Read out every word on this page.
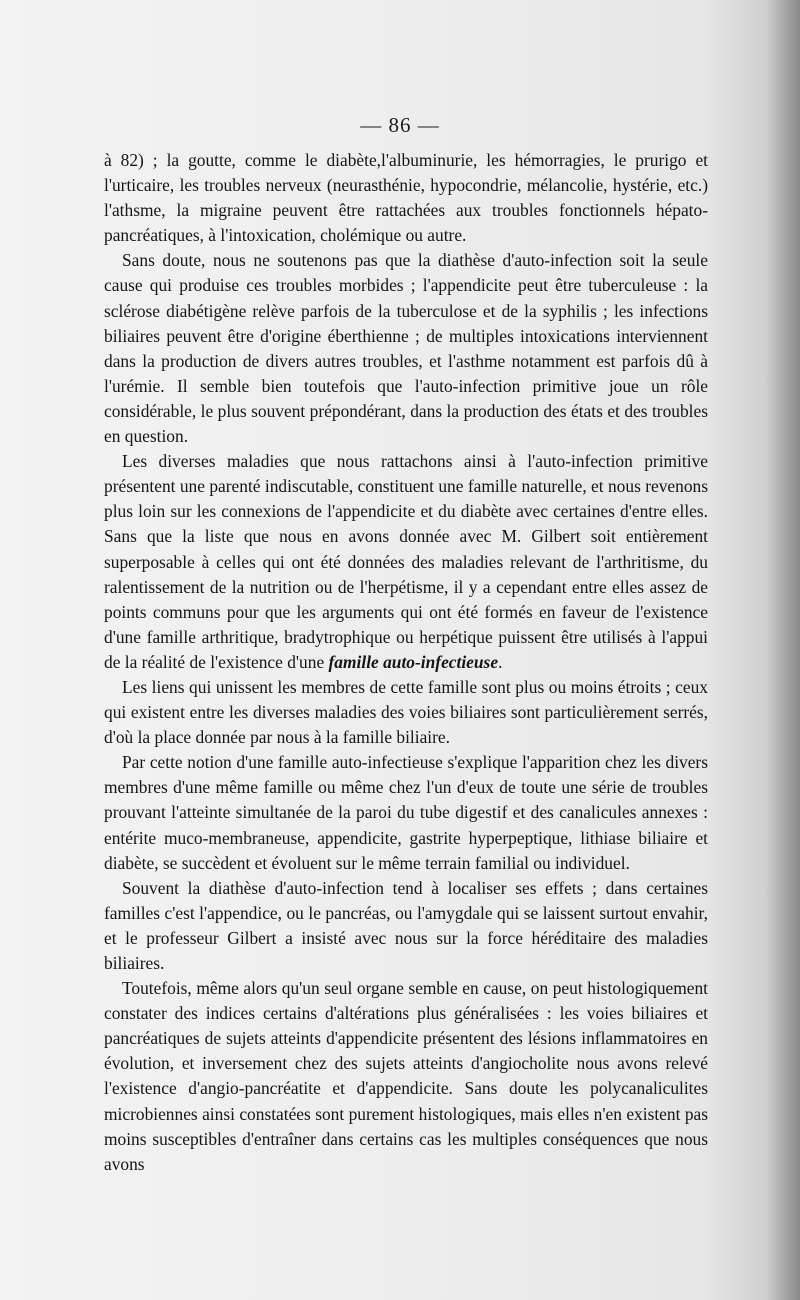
— 86 —

à 82) ; la goutte, comme le diabète,l'albuminurie, les hémorragies, le prurigo et l'urticaire, les troubles nerveux (neurasthénie, hypocondrie, mélancolie, hystérie, etc.) l'athsme, la migraine peuvent être rattachées aux troubles fonctionnels hépato-pancréatiques, à l'intoxication, cholémique ou autre.

Sans doute, nous ne soutenons pas que la diathèse d'auto-infection soit la seule cause qui produise ces troubles morbides ; l'appendicite peut être tuberculeuse : la sclérose diabétigène relève parfois de la tuberculose et de la syphilis ; les infections biliaires peuvent être d'origine éberthienne ; de multiples intoxications interviennent dans la production de divers autres troubles, et l'asthme notamment est parfois dû à l'urémie. Il semble bien toutefois que l'auto-infection primitive joue un rôle considérable, le plus souvent prépondérant, dans la production des états et des troubles en question.

Les diverses maladies que nous rattachons ainsi à l'auto-infection primitive présentent une parenté indiscutable, constituent une famille naturelle, et nous revenons plus loin sur les connexions de l'appendicite et du diabète avec certaines d'entre elles. Sans que la liste que nous en avons donnée avec M. Gilbert soit entièrement superposable à celles qui ont été données des maladies relevant de l'arthritisme, du ralentissement de la nutrition ou de l'herpétisme, il y a cependant entre elles assez de points communs pour que les arguments qui ont été formés en faveur de l'existence d'une famille arthritique, bradytrophique ou herpétique puissent être utilisés à l'appui de la réalité de l'existence d'une famille auto-infectieuse.

Les liens qui unissent les membres de cette famille sont plus ou moins étroits ; ceux qui existent entre les diverses maladies des voies biliaires sont particulièrement serrés, d'où la place donnée par nous à la famille biliaire.

Par cette notion d'une famille auto-infectieuse s'explique l'apparition chez les divers membres d'une même famille ou même chez l'un d'eux de toute une série de troubles prouvant l'atteinte simultanée de la paroi du tube digestif et des canalicules annexes : entérite muco-membraneuse, appendicite, gastrite hyperpeptique, lithiase biliaire et diabète, se succèdent et évoluent sur le même terrain familial ou individuel.

Souvent la diathèse d'auto-infection tend à localiser ses effets ; dans certaines familles c'est l'appendice, ou le pancréas, ou l'amygdale qui se laissent surtout envahir, et le professeur Gilbert a insisté avec nous sur la force héréditaire des maladies biliaires.

Toutefois, même alors qu'un seul organe semble en cause, on peut histologiquement constater des indices certains d'altérations plus généralisées : les voies biliaires et pancréatiques de sujets atteints d'appendicite présentent des lésions inflammatoires en évolution, et inversement chez des sujets atteints d'angiocholite nous avons relevé l'existence d'angio-pancréatite et d'appendicite. Sans doute les polycanaliculites microbiennes ainsi constatées sont purement histologiques, mais elles n'en existent pas moins susceptibles d'entraîner dans certains cas les multiples conséquences que nous avons
